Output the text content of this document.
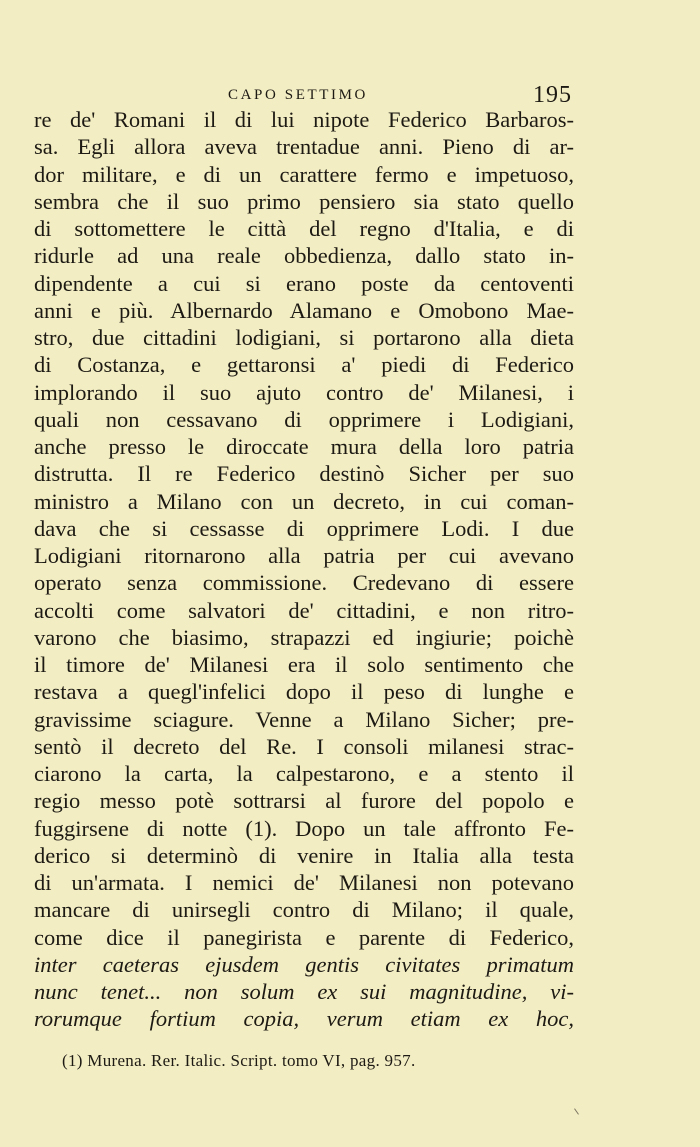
CAPO SETTIMO	195
re de' Romani il di lui nipote Federico Barbaros-
sa. Egli allora aveva trentadue anni. Pieno di ar-
dor militare, e di un carattere fermo e impetuoso,
sembra che il suo primo pensiero sia stato quello
di sottomettere le città del regno d'Italia, e di
ridurle ad una reale obbedienza, dallo stato in-
dipendente a cui si erano poste da centoventi
anni e più. Albernardo Alamano e Omobono Mae-
stro, due cittadini lodigiani, si portarono alla dieta
di Costanza, e gettaronsi a' piedi di Federico
implorando il suo ajuto contro de' Milanesi, i
quali non cessavano di opprimere i Lodigiani,
anche presso le diroccate mura della loro patria
distrutta. Il re Federico destinò Sicher per suo
ministro a Milano con un decreto, in cui coman-
dava che si cessasse di opprimere Lodi. I due
Lodigiani ritornarono alla patria per cui avevano
operato senza commissione. Credevano di essere
accolti come salvatori de' cittadini, e non ritro-
varono che biasimo, strapazzi ed ingiurie; poichè
il timore de' Milanesi era il solo sentimento che
restava a quegl'infelici dopo il peso di lunghe e
gravissime sciagure. Venne a Milano Sicher; pre-
sentò il decreto del Re. I consoli milanesi strac-
ciarono la carta, la calpestarono, e a stento il
regio messo potè sottrarsi al furore del popolo e
fuggirsene di notte (1). Dopo un tale affronto Fe-
derico si determinò di venire in Italia alla testa
di un'armata. I nemici de' Milanesi non potevano
mancare di unirsegli contro di Milano; il quale,
come dice il panegirista e parente di Federico,
inter caeteras ejusdem gentis civitates primatum
nunc tenet... non solum ex sui magnitudine, vi-
rorumque fortium copia, verum etiam ex hoc,
(1) Murena. Rer. Italic. Script. tomo VI, pag. 957.
